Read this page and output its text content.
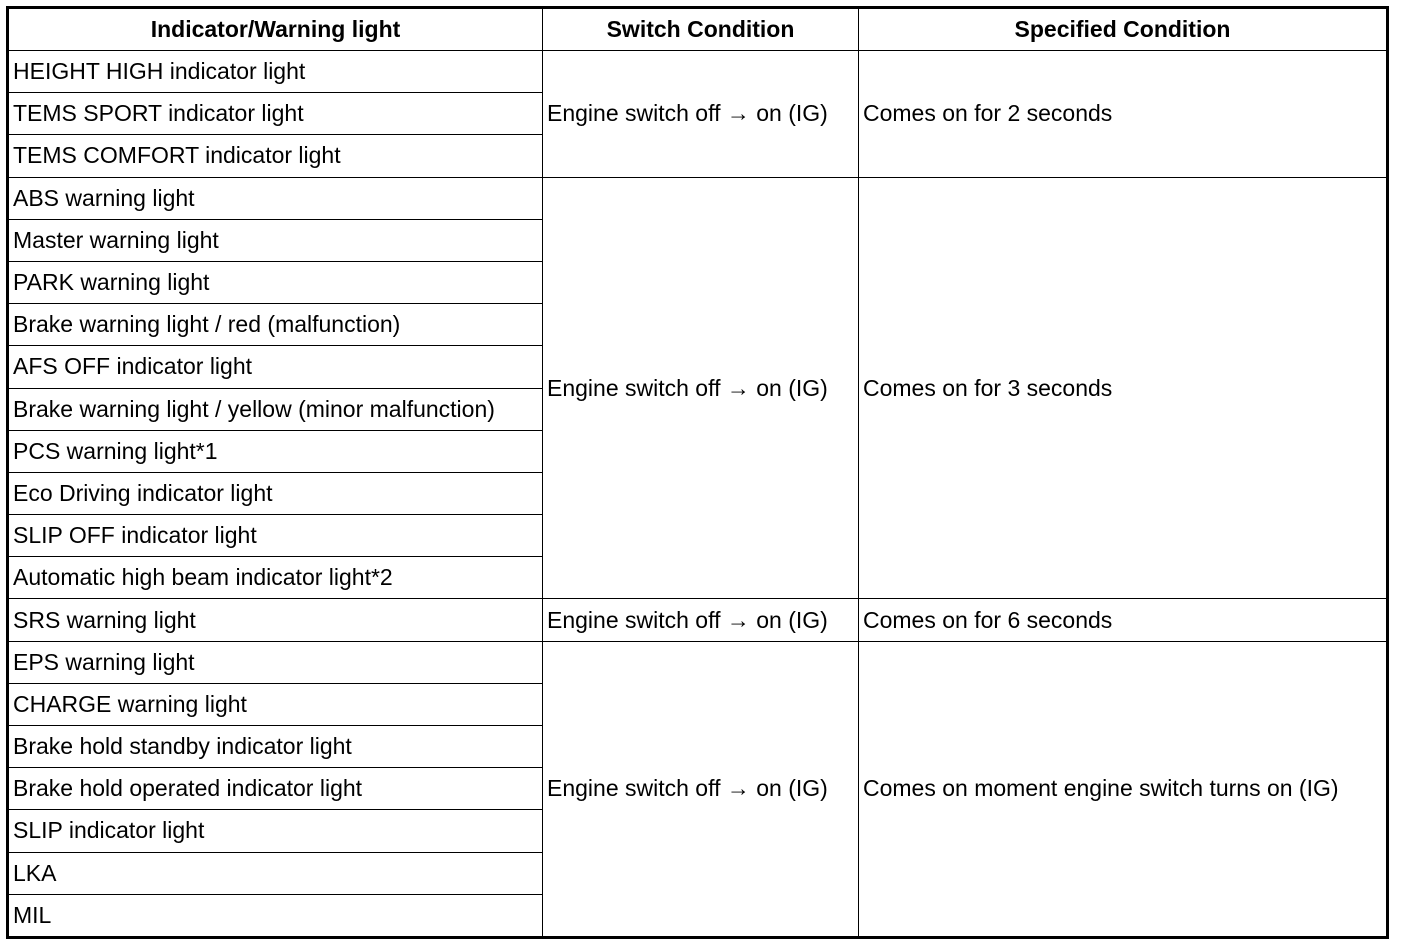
Indicator/Warning light	Switch Condition	Specified Condition
HEIGHT HIGH indicator light	Engine switch off → on (IG)	Comes on for 2 seconds
TEMS SPORT indicator light		
TEMS COMFORT indicator light		
ABS warning light	Engine switch off → on (IG)	Comes on for 3 seconds
Master warning light		
PARK warning light		
Brake warning light / red (malfunction)		
AFS OFF indicator light		
Brake warning light / yellow (minor malfunction)		
PCS warning light*1		
Eco Driving indicator light		
SLIP OFF indicator light		
Automatic high beam indicator light*2		
SRS warning light	Engine switch off → on (IG)	Comes on for 6 seconds
EPS warning light	Engine switch off → on (IG)	Comes on moment engine switch turns on (IG)
CHARGE warning light		
Brake hold standby indicator light		
Brake hold operated indicator light		
SLIP indicator light		
LKA		
MIL		
